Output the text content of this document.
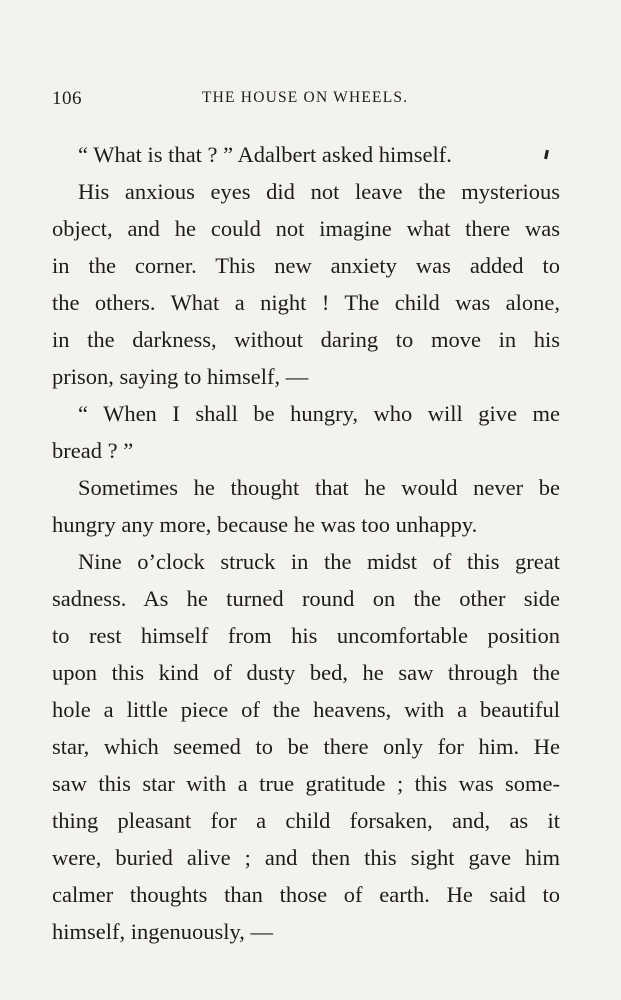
106	THE HOUSE ON WHEELS.
“ What is that ? ” Adalbert asked himself.
His anxious eyes did not leave the mysterious
object, and he could not imagine what there was
in the corner. This new anxiety was added to
the others. What a night ! The child was alone,
in the darkness, without daring to move in his
prison, saying to himself, —
“ When I shall be hungry, who will give me
bread ? ”
Sometimes he thought that he would never be
hungry any more, because he was too unhappy.
Nine o’clock struck in the midst of this great
sadness. As he turned round on the other side
to rest himself from his uncomfortable position
upon this kind of dusty bed, he saw through the
hole a little piece of the heavens, with a beautiful
star, which seemed to be there only for him. He
saw this star with a true gratitude ; this was some-
thing pleasant for a child forsaken, and, as it
were, buried alive ; and then this sight gave him
calmer thoughts than those of earth. He said to
himself, ingenuously, —
